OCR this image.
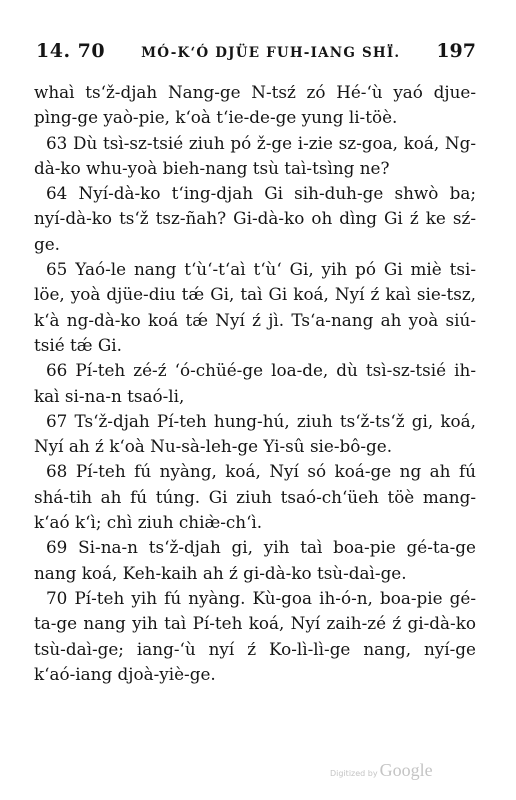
14. 70	MÓ-K‘Ó DJÜE FUH-IANG SHÏ. 197

whaì ts‘ž-djah Nang-ge N-tsź zó Hé-‘ù yaó djue-pìng-ge yaò-pie, k‘oà t‘ie-de-ge yung li-töè.

63 Dù tsì-sz-tsié ziuh pó ž-ge i-zie sz-goa, koá, Ng-dà-ko whu-yoà bieh-nang tsù taì-tsìng ne?

64 Nyí-dà-ko t‘ing-djah Gi sih-duh-ge shwò ba; nyí-dà-ko ts‘ž tsz-ñah? Gi-dà-ko oh dìng Gi ź ke sź-ge.

65 Yaó-le nang t‘ù‘-t‘aì t‘ù‘ Gi, yih pó Gi miè tsi-löe, yoà djüe-diu tǽ Gi, taì Gi koá, Nyí ź kaì sie-tsz, k‘à ng-dà-ko koá tǽ Nyí ź jì. Ts‘a-nang ah yoà siú-tsié tǽ Gi.

66 Pí-teh zé-ź ‘ó-chüé-ge loa-de, dù tsì-sz-tsié ih-kaì si-na-n tsaó-li,

67 Ts‘ž-djah Pí-teh hung-hú, ziuh ts‘ž-ts‘ž gi, koá, Nyí ah ź k‘oà Nu-sà-leh-ge Yi-sû sie-bô-ge.

68 Pí-teh fú nyàng, koá, Nyí só koá-ge ng ah fú shá-tih ah fú túng. Gi ziuh tsaó-ch‘üeh töè mang-k‘aó k‘ì; chì ziuh chiæ̀-ch‘ì.

69 Si-na-n ts‘ž-djah gi, yih taì boa-pie gé-ta-ge nang koá, Keh-kaih ah ź gi-dà-ko tsù-daì-ge.

70 Pí-teh yih fú nyàng. Kù-goa ih-ó-n, boa-pie gé-ta-ge nang yih taì Pí-teh koá, Nyí zaih-zé ź gi-dà-ko tsù-daì-ge; iang-‘ù nyí ź Ko-lì-lì-ge nang, nyí-ge k‘aó-iang djoà-yiè-ge.

Digitized by Google
